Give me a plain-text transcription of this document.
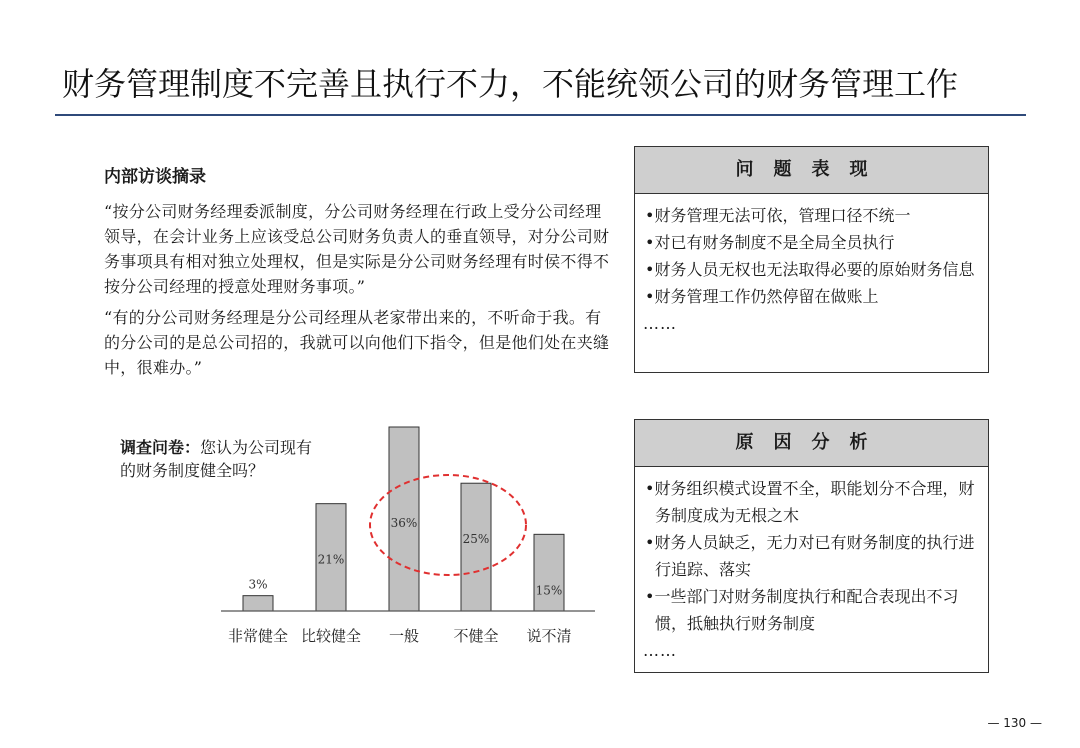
财务管理制度不完善且执行不力，不能统领公司的财务管理工作
内部访谈摘录

“按分公司财务经理委派制度，分公司财务经理在行政上受分公司经理领导，在会计业务上应该受总公司财务负责人的垂直领导，对分公司财务事项具有相对独立处理权，但是实际是分公司财务经理有时侯不得不按分公司经理的授意处理财务事项。”

“有的分公司财务经理是分公司经理从老家带出来的，不听命于我。有的分公司的是总公司招的，我就可以向他们下指令，但是他们处在夹缝中，很难办。”

调查问卷：您认为公司现有的财务制度健全吗？
3%
非常健全
21%
比较健全
36%
一般
25%
不健全
15%
说不清
问题表现
•财务管理无法可依，管理口径不统一
•对已有财务制度不是全局全员执行
•财务人员无权也无法取得必要的原始财务信息
•财务管理工作仍然停留在做账上
……
原因分析
•财务组织模式设置不全，职能划分不合理，财务制度成为无根之木
•财务人员缺乏，无力对已有财务制度的执行进行追踪、落实
•一些部门对财务制度执行和配合表现出不习惯，抵触执行财务制度
……
— 130 —
